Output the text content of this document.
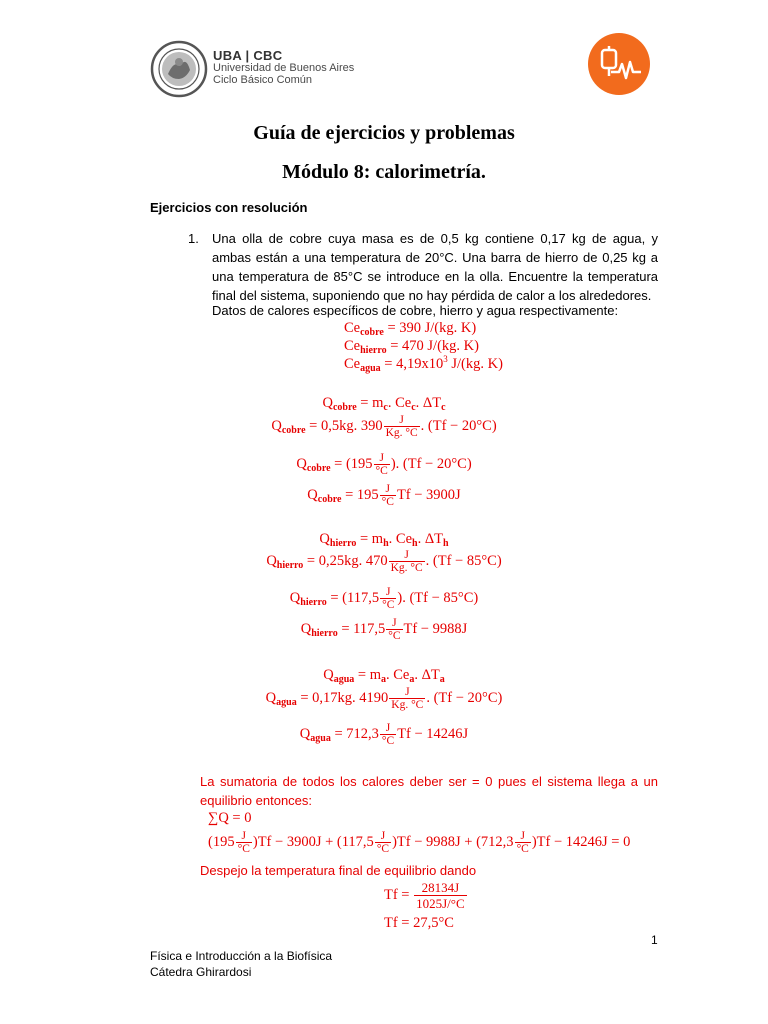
UBA | CBC
Universidad de Buenos Aires
Ciclo Básico Común
Guía de ejercicios y problemas
Módulo 8: calorimetría.
Ejercicios con resolución
1. Una olla de cobre cuya masa es de 0,5 kg contiene 0,17 kg de agua, y ambas están a una temperatura de 20°C. Una barra de hierro de 0,25 kg a una temperatura de 85°C se introduce en la olla. Encuentre la temperatura final del sistema, suponiendo que no hay pérdida de calor a los alrededores.
Datos de calores específicos de cobre, hierro y agua respectivamente:
$Ce_{cobre} = 390$ J/(kg. K)
$Ce_{hierro} = 470$ J/(kg. K)
$Ce_{agua} = 4,19x10^3$ J/(kg. K)
$Q_{cobre} = m_c$. $Ce_c$. $\Delta T_c$
$Q_{cobre} = 0,5kg$. $390 \frac{J}{Kg. ^\circ C}$ . (Tf − 20°C)
$Q_{cobre} = (195 \frac{J}{^\circ C}$ ). (Tf − 20°C)
$Q_{cobre} = 195 \frac{J}{^\circ C}$ Tf − 3900J
$Q_{hierro} = m_h$. $Ce_h$. $\Delta T_h$
$Q_{hierro} = 0,25kg$. $470 \frac{J}{Kg. ^\circ C}$ . (Tf − 85°C)
$Q_{hierro} = (117,5 \frac{J}{^\circ C}$ ). (Tf − 85°C)
$Q_{hierro} = 117,5 \frac{J}{^\circ C}$ Tf − 9988J
$Q_{agua} = m_a$. $Ce_a$. $\Delta T_a$
$Q_{agua} = 0,17kg$. $4190 \frac{J}{Kg. ^\circ C}$ . (Tf − 20°C)
$Q_{agua} = 712,3 \frac{J}{^\circ C}$ Tf − 14246J
La sumatoria de todos los calores deber ser = 0 pues el sistema llega a un equilibrio entonces:
∑Q = 0
$(195 \frac{J}{^\circ C} )Tf - 3900J + (117,5 \frac{J}{^\circ C} )Tf - 9988J + (712,3 \frac{J}{^\circ C} )Tf - 14246J = 0$
Despejo la temperatura final de equilibrio dando
$Tf = \frac{28134J}{1025J/^\circ C}$
Tf = 27,5°C
1
Física e Introducción a la Biofísica
Cátedra Ghirardosi
